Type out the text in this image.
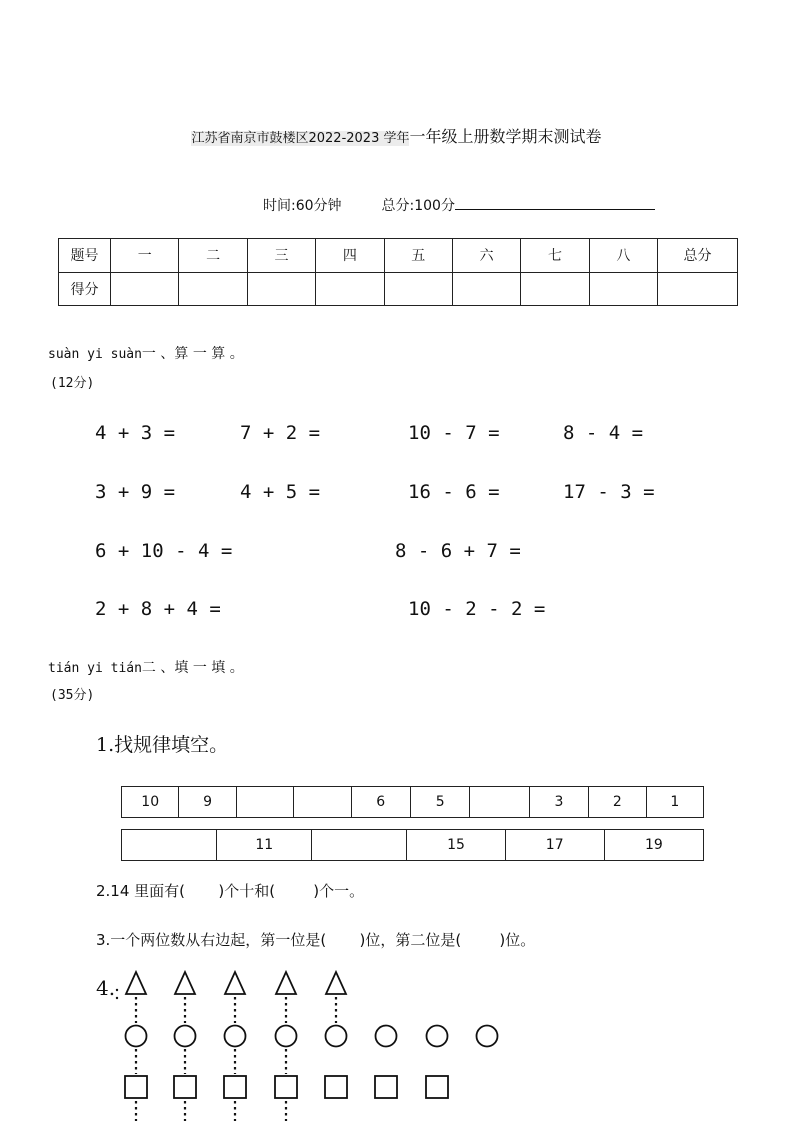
江苏省南京市鼓楼区2022-2023 学年一年级上册数学期末测试卷
时间:60分钟	总分:100分
题号	一	二	三	四	五	六	七	八	总分
得分									
suàn yi suàn一 、算 一 算 。
(12分)
4 + 3 =	7 + 2 =	10 - 7 =	8 - 4 =
3 + 9 =	4 + 5 =	16 - 6 =	17 - 3 =
6 + 10 - 4 =	8 - 6 + 7 =
2 + 8 + 4 =	10 - 2 - 2 =
tián yi tián二 、填 一 填 。
(35分)
1.找规律填空。
10	9			6	5		3	2	1
	11		15	17	19
2.14 里面有(       )个十和(        )个一。
3.一个两位数从右边起，第一位是(       )位，第二位是(        )位。
4.
